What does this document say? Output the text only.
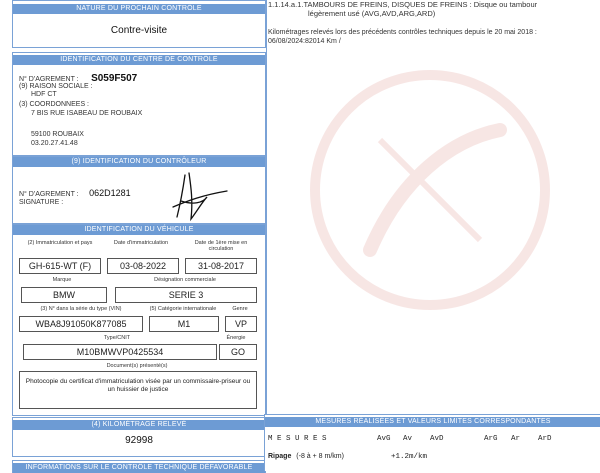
NATURE DU PROCHAIN CONTRÔLE
Contre-visite
IDENTIFICATION DU CENTRE DE CONTRÔLE
N° D'AGREMENT : S059F507
(9) RAISON SOCIALE :
HDF CT
(3) COORDONNEES :
7 BIS RUE ISABEAU DE ROUBAIX
59100 ROUBAIX
03.20.27.41.48
(9) IDENTIFICATION DU CONTRÔLEUR
N° D'AGREMENT : 062D1281
SIGNATURE :
IDENTIFICATION DU VÉHICULE
(2) Immatriculation et pays	Date d'immatriculation	Date de 1ère mise en circulation
GH-615-WT (F)	03-08-2022	31-08-2017
Marque	Désignation commerciale
BMW	SERIE 3
(3) N° dans la série du type (VIN)	(5) Catégorie internationale	Genre
WBA8J91050K877085	M1	VP
Type/CNIT	Énergie
M10BMWVP0425534	GO
Document(s) présenté(s)
Photocopie du certificat d'immatriculation visée par un commissaire-priseur ou un huissier de justice
(4) KILOMÉTRAGE RELEVÉ
92998
INFORMATIONS SUR LE CONTRÔLE TECHNIQUE DÉFAVORABLE
1.1.14.a.1.TAMBOURS DE FREINS, DISQUES DE FREINS : Disque ou tambour
légèrement usé (AVG,AVD,ARG,ARD)
Kilométrages relevés lors des précédents contrôles techniques depuis le 20 mai 2018 :
06/08/2024:82014 Km /
MESURES RÉALISÉES ET VALEURS LIMITES CORRESPONDANTES
M E S U R E S	AvG Av AvD	ArG Ar ArD
Ripage (-8 à + 8 m/km)	+1.2m/km
